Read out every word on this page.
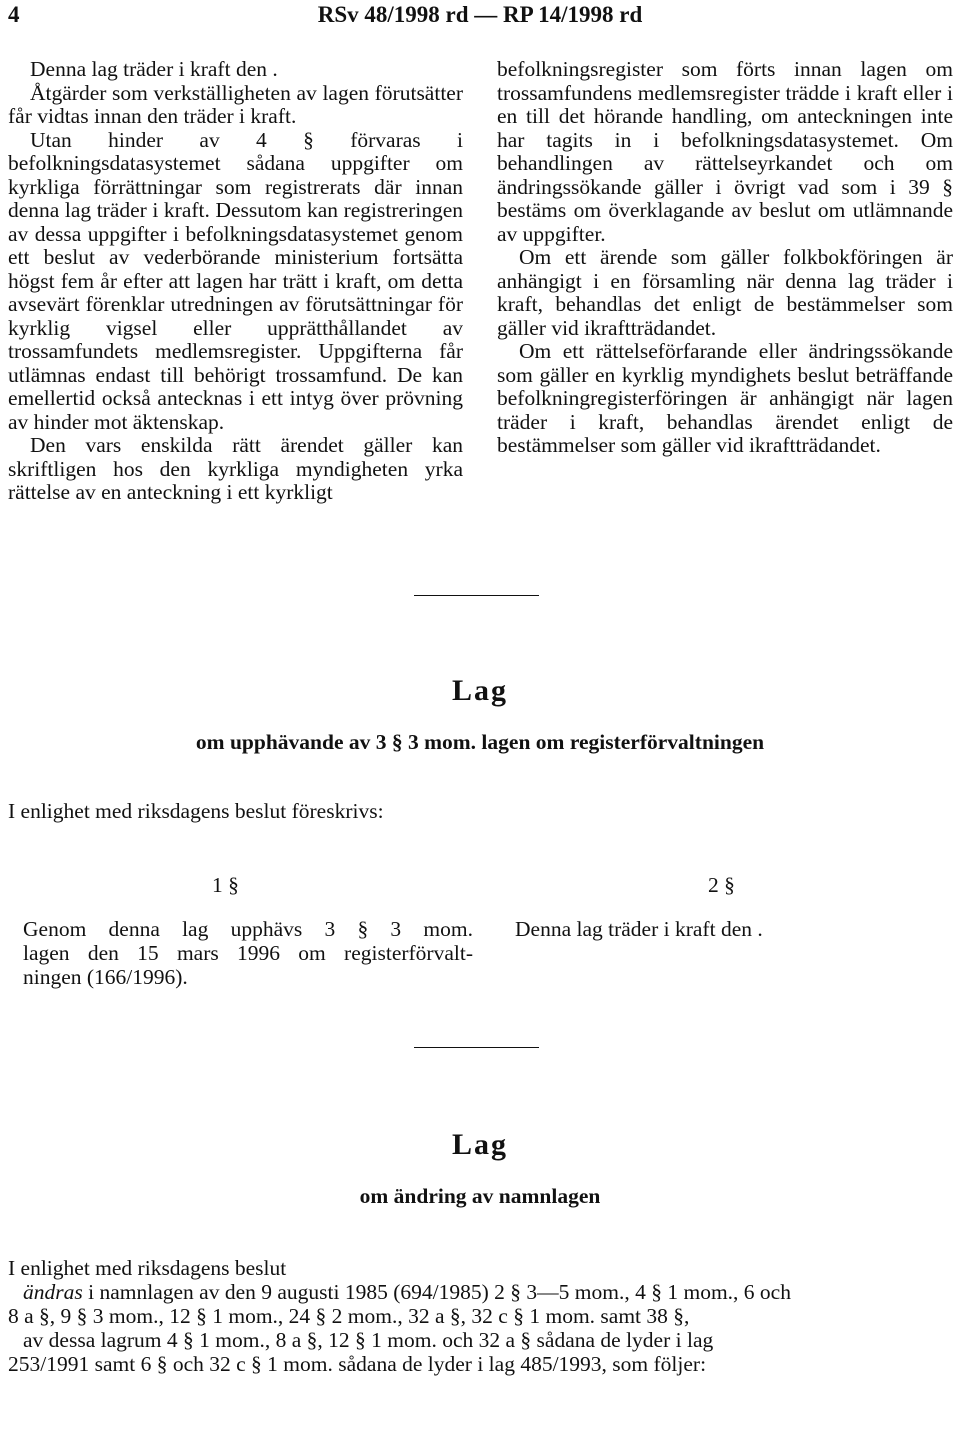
4	RSv 48/1998 rd — RP 14/1998 rd

Denna lag träder i kraft den .

Åtgärder som verkställigheten av lagen förutsätter får vidtas innan den träder i kraft.

Utan hinder av 4 § förvaras i befolkningsdatasystemet sådana uppgifter om kyrkliga förrättningar som registrerats där innan denna lag träder i kraft. Dessutom kan registreringen av dessa uppgifter i befolkningsdatasystemet genom ett beslut av vederbörande ministerium fortsätta högst fem år efter att lagen har trätt i kraft, om detta avsevärt förenklar utredningen av förutsättningar för kyrklig vigsel eller upprätthållandet av trossamfundets medlemsregister. Uppgifterna får utlämnas endast till behörigt trossamfund. De kan emellertid också antecknas i ett intyg över prövning av hinder mot äktenskap.

Den vars enskilda rätt ärendet gäller kan skriftligen hos den kyrkliga myndigheten yrka rättelse av en anteckning i ett kyrkligt

befolkningsregister som förts innan lagen om trossamfundens medlemsregister trädde i kraft eller i en till det hörande handling, om anteckningen inte har tagits in i befolkningsdatasystemet. Om behandlingen av rättelseyrkandet och om ändringssökande gäller i övrigt vad som i 39 § bestäms om överklagande av beslut om utlämnande av uppgifter.

Om ett ärende som gäller folkbokföringen är anhängigt i en församling när denna lag träder i kraft, behandlas det enligt de bestämmelser som gäller vid ikraftträdandet.

Om ett rättelseförfarande eller ändringssökande som gäller en kyrklig myndighets beslut beträffande befolkningregisterföringen är anhängigt när lagen träder i kraft, behandlas ärendet enligt de bestämmelser som gäller vid ikraftträdandet.

Lag
om upphävande av 3 § 3 mom. lagen om registerförvaltningen
I enlighet med riksdagens beslut föreskrivs:
1 §	2 §
Genom denna lag upphävs 3 § 3 mom.
lagen den 15 mars 1996 om registerförvalt-
ningen (166/1996).
Denna lag träder i kraft den .
Lag
om ändring av namnlagen
I enlighet med riksdagens beslut
ändras i namnlagen av den 9 augusti 1985 (694/1985) 2 § 3—5 mom., 4 § 1 mom., 6 och
8 a §, 9 § 3 mom., 12 § 1 mom., 24 § 2 mom., 32 a §, 32 c § 1 mom. samt 38 §,
av dessa lagrum 4 § 1 mom., 8 a §, 12 § 1 mom. och 32 a § sådana de lyder i lag
253/1991 samt 6 § och 32 c § 1 mom. sådana de lyder i lag 485/1993, som följer:
